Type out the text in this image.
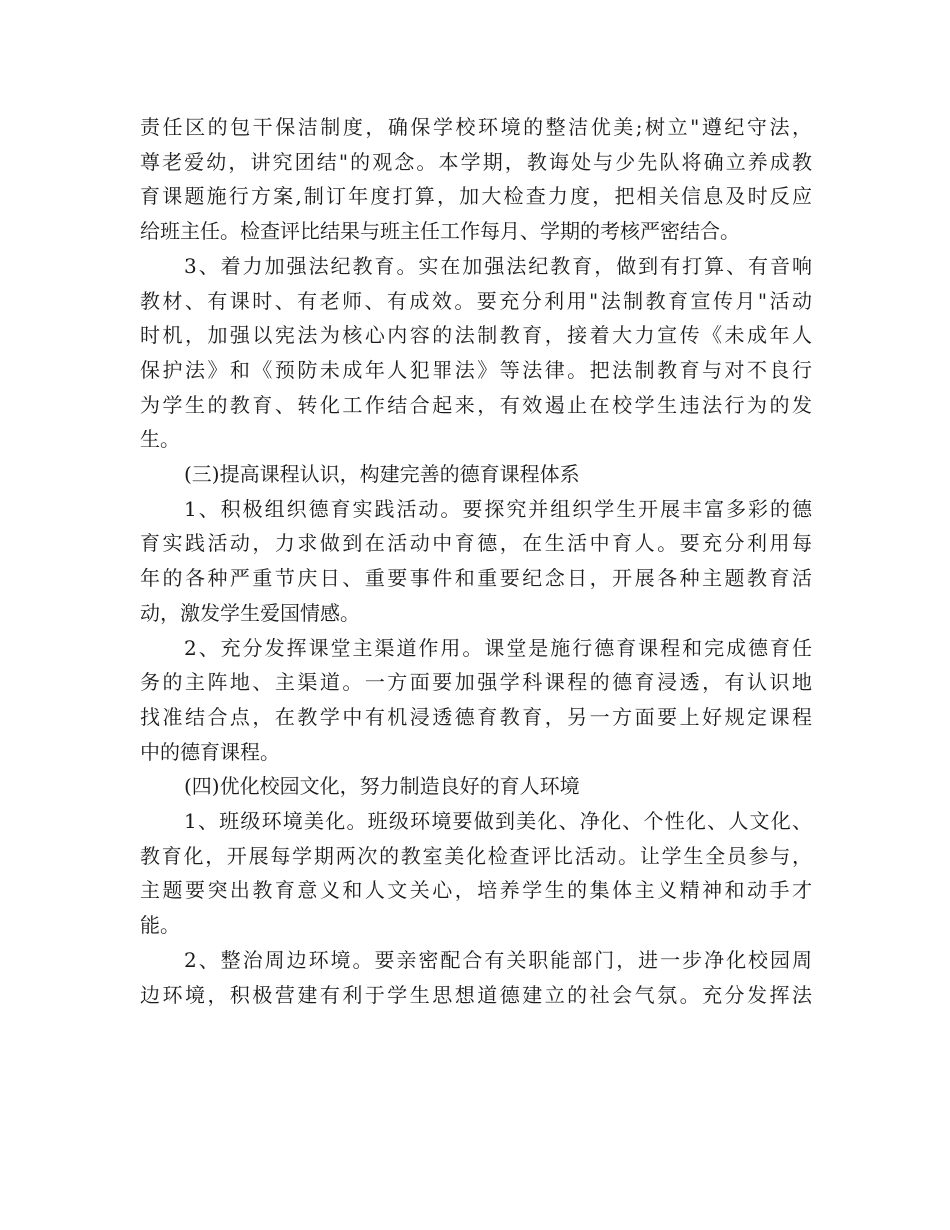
责任区的包干保洁制度，确保学校环境的整洁优美;树立"遵纪守法，
尊老爱幼，讲究团结"的观念。本学期，教诲处与少先队将确立养成教
育课题施行方案,制订年度打算，加大检查力度，把相关信息及时反应
给班主任。检查评比结果与班主任工作每月、学期的考核严密结合。
3、着力加强法纪教育。实在加强法纪教育，做到有打算、有音响
教材、有课时、有老师、有成效。要充分利用"法制教育宣传月"活动
时机，加强以宪法为核心内容的法制教育，接着大力宣传《未成年人
保护法》和《预防未成年人犯罪法》等法律。把法制教育与对不良行
为学生的教育、转化工作结合起来，有效遏止在校学生违法行为的发
生。
(三)提高课程认识，构建完善的德育课程体系
1、积极组织德育实践活动。要探究并组织学生开展丰富多彩的德
育实践活动，力求做到在活动中育德，在生活中育人。要充分利用每
年的各种严重节庆日、重要事件和重要纪念日，开展各种主题教育活
动，激发学生爱国情感。
2、充分发挥课堂主渠道作用。课堂是施行德育课程和完成德育任
务的主阵地、主渠道。一方面要加强学科课程的德育浸透，有认识地
找准结合点，在教学中有机浸透德育教育，另一方面要上好规定课程
中的德育课程。
(四)优化校园文化，努力制造良好的育人环境
1、班级环境美化。班级环境要做到美化、净化、个性化、人文化、
教育化，开展每学期两次的教室美化检查评比活动。让学生全员参与，
主题要突出教育意义和人文关心，培养学生的集体主义精神和动手才
能。
2、整治周边环境。要亲密配合有关职能部门，进一步净化校园周
边环境，积极营建有利于学生思想道德建立的社会气氛。充分发挥法
